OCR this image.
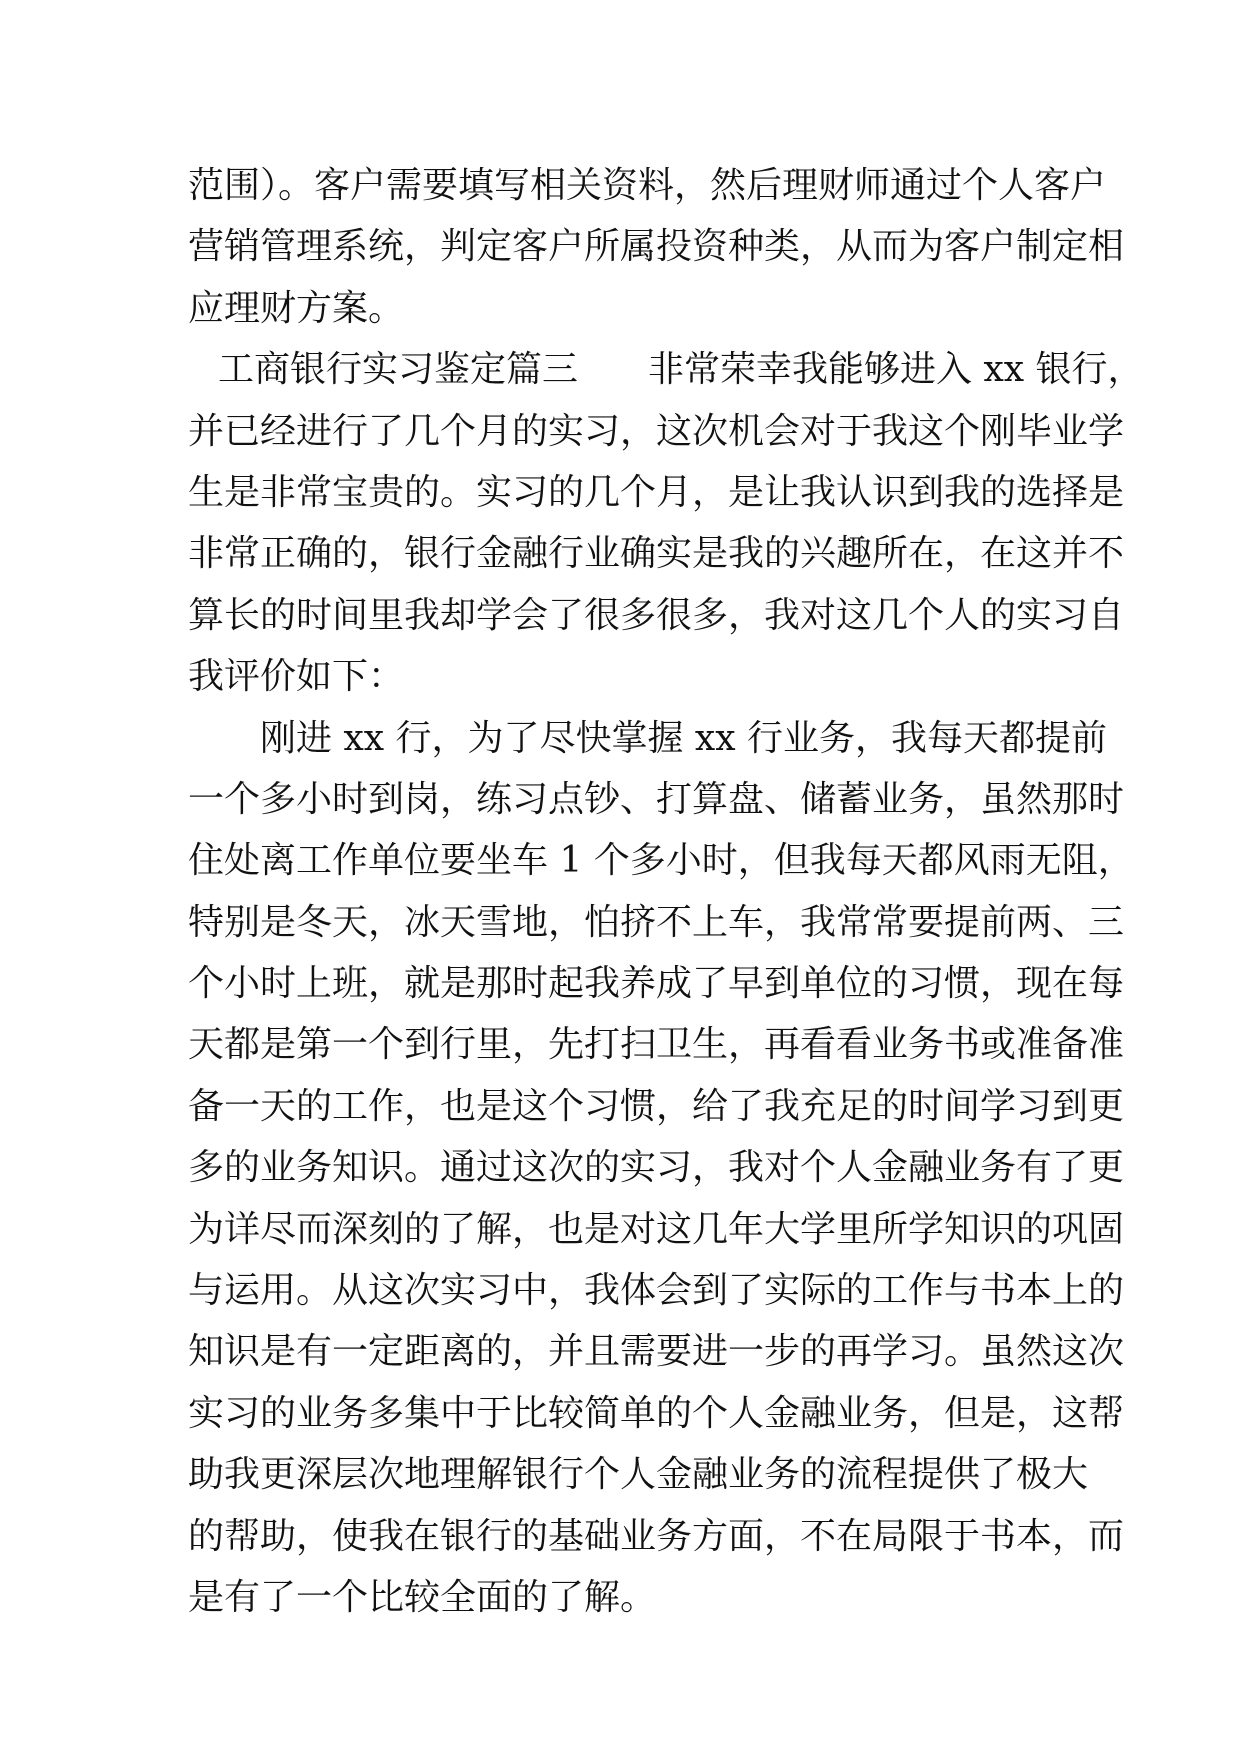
范围）。客户需要填写相关资料，然后理财师通过个人客户
营销管理系统，判定客户所属投资种类，从而为客户制定相
应理财方案。
工商银行实习鉴定篇三 非常荣幸我能够进入 xx 银行，
并已经进行了几个月的实习，这次机会对于我这个刚毕业学
生是非常宝贵的。实习的几个月，是让我认识到我的选择是
非常正确的，银行金融行业确实是我的兴趣所在，在这并不
算长的时间里我却学会了很多很多，我对这几个人的实习自
我评价如下：
刚进 xx 行，为了尽快掌握 xx 行业务，我每天都提前
一个多小时到岗，练习点钞、打算盘、储蓄业务，虽然那时
住处离工作单位要坐车 1 个多小时，但我每天都风雨无阻，
特别是冬天，冰天雪地，怕挤不上车，我常常要提前两、三
个小时上班，就是那时起我养成了早到单位的习惯，现在每
天都是第一个到行里，先打扫卫生，再看看业务书或准备准
备一天的工作，也是这个习惯，给了我充足的时间学习到更
多的业务知识。通过这次的实习，我对个人金融业务有了更
为详尽而深刻的了解，也是对这几年大学里所学知识的巩固
与运用。从这次实习中，我体会到了实际的工作与书本上的
知识是有一定距离的，并且需要进一步的再学习。虽然这次
实习的业务多集中于比较简单的个人金融业务，但是，这帮
助我更深层次地理解银行个人金融业务的流程提供了极大
的帮助，使我在银行的基础业务方面，不在局限于书本，而
是有了一个比较全面的了解。
